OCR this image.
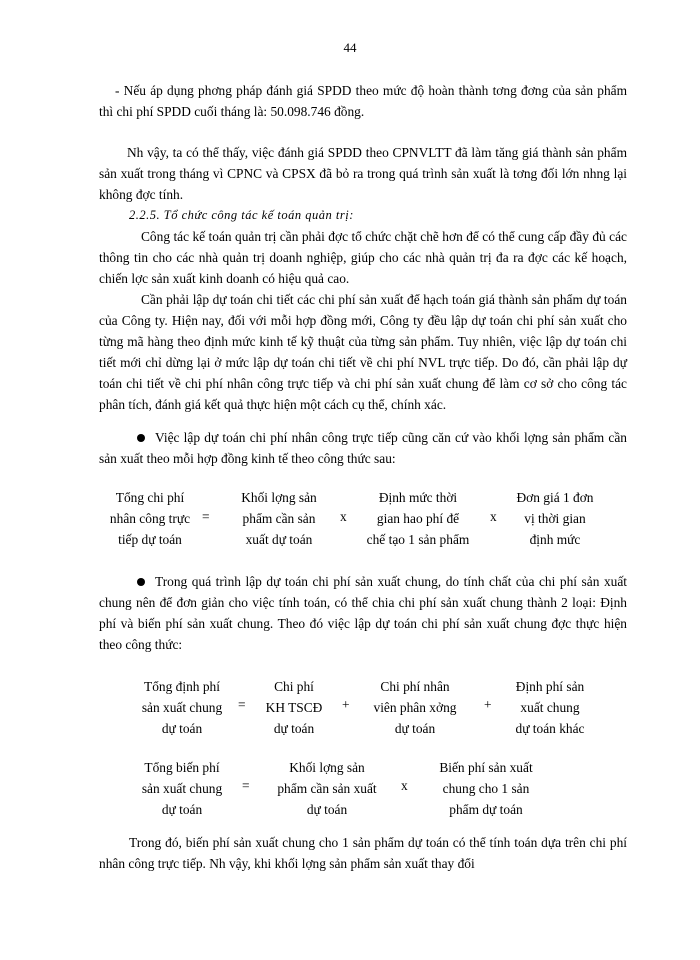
44

- Nếu áp dụng phơng pháp đánh giá SPDD theo mức độ hoàn thành tơng đơng của sản phẩm thì chi phí SPDD cuối tháng là: 50.098.746 đồng.

Nh vậy, ta có thể thấy, việc đánh giá SPDD theo CPNVLTT đã làm tăng giá thành sản phẩm sản xuất trong tháng vì CPNC và CPSX đã bỏ ra trong quá trình sản xuất là tơng đối lớn nhng lại không đợc tính.

2.2.5. Tổ chức công tác kế toán quản trị:

Công tác kế toán quản trị cần phải đợc tổ chức chặt chẽ hơn để có thể cung cấp đầy đủ các thông tin cho các nhà quản trị doanh nghiệp, giúp cho các nhà quản trị đa ra đợc các kế hoạch, chiến lợc sản xuất kinh doanh có hiệu quả cao.

Cần phải lập dự toán chi tiết các chi phí sản xuất để hạch toán giá thành sản phẩm dự toán của Công ty. Hiện nay, đối với mỗi hợp đồng mới, Công ty đều lập dự toán chi phí sản xuất cho từng mã hàng theo định mức kinh tế kỹ thuật của từng sản phẩm. Tuy nhiên, việc lập dự toán chi tiết mới chỉ dừng lại ở mức lập dự toán chi tiết về chi phí NVL trực tiếp. Do đó, cần phải lập dự toán chi tiết về chi phí nhân công trực tiếp và chi phí sản xuất chung để làm cơ sở cho công tác phân tích, đánh giá kết quả thực hiện một cách cụ thể, chính xác.

Việc lập dự toán chi phí nhân công trực tiếp cũng căn cứ vào khối lợng sản phẩm cần sản xuất theo mỗi hợp đồng kinh tế theo công thức sau:

Tổng chi phí
nhân công trực
tiếp dự toán
=
Khối lợng sản
phẩm cần sản
xuất dự toán
x
Định mức thời
gian hao phí để
chế tạo 1 sản phẩm
x
Đơn giá 1 đơn
vị thời gian
định mức

Trong quá trình lập dự toán chi phí sản xuất chung, do tính chất của chi phí sản xuất chung nên để đơn giản cho việc tính toán, có thể chia chi phí sản xuất chung thành 2 loại: Định phí và biến phí sản xuất chung. Theo đó việc lập dự toán chi phí sản xuất chung đợc thực hiện theo công thức:

Tổng định phí
sản xuất chung
dự toán
=
Chi phí
KH TSCĐ
dự toán
+
Chi phí nhân
viên phân xởng
dự toán
+
Định phí sản
xuất chung
dự toán khác
Tổng biến phí
sản xuất chung
dự toán
=
Khối lợng sản
phẩm cần sản xuất
dự toán
x
Biến phí sản xuất
chung cho 1 sản
phẩm dự toán

Trong đó, biến phí sản xuất chung cho 1 sản phẩm dự toán có thể tính toán dựa trên chi phí nhân công trực tiếp. Nh vậy, khi khối lợng sản phẩm sản xuất thay đổi
